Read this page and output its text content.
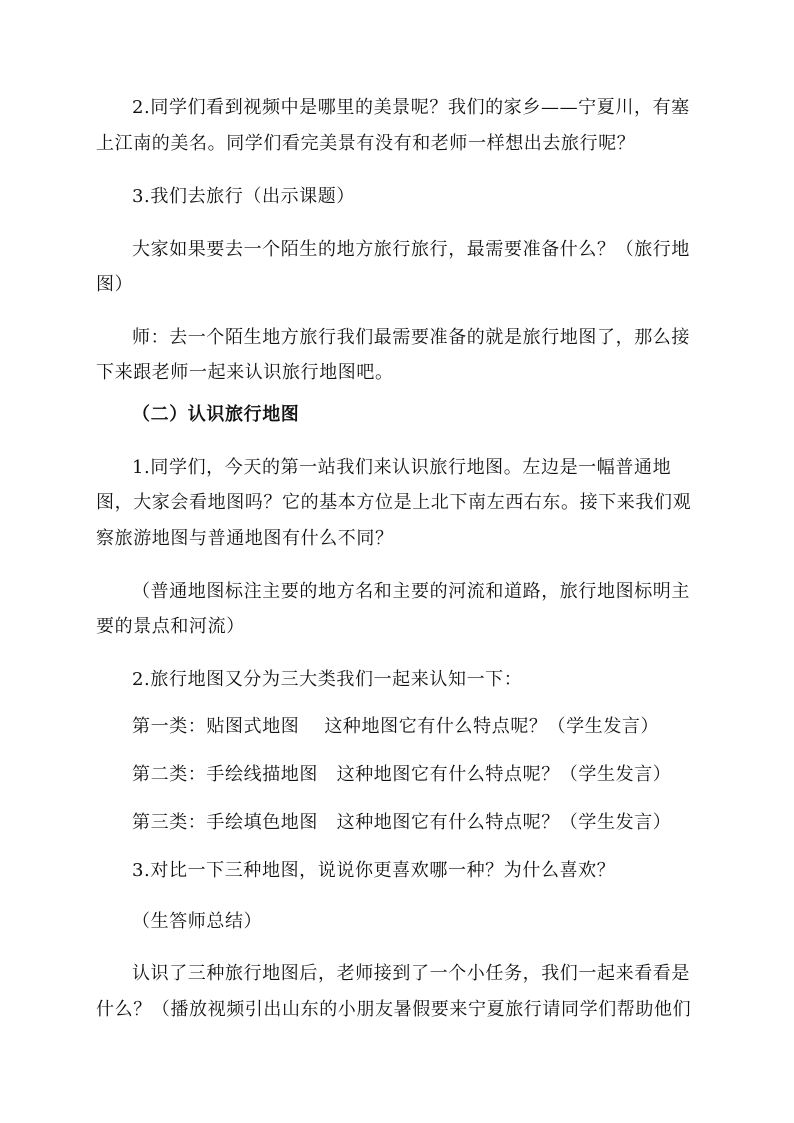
2.同学们看到视频中是哪里的美景呢？我们的家乡——宁夏川，有塞
上江南的美名。同学们看完美景有没有和老师一样想出去旅行呢？
3.我们去旅行（出示课题）
大家如果要去一个陌生的地方旅行旅行，最需要准备什么？（旅行地
图）
师：去一个陌生地方旅行我们最需要准备的就是旅行地图了，那么接
下来跟老师一起来认识旅行地图吧。
（二）认识旅行地图
1.同学们，今天的第一站我们来认识旅行地图。左边是一幅普通地
图，大家会看地图吗？它的基本方位是上北下南左西右东。接下来我们观
察旅游地图与普通地图有什么不同？
（普通地图标注主要的地方名和主要的河流和道路，旅行地图标明主
要的景点和河流）
2.旅行地图又分为三大类我们一起来认知一下：
第一类：贴图式地图　 这种地图它有什么特点呢？（学生发言）
第二类：手绘线描地图　这种地图它有什么特点呢？（学生发言）
第三类：手绘填色地图　这种地图它有什么特点呢？（学生发言）
3.对比一下三种地图，说说你更喜欢哪一种？为什么喜欢？
（生答师总结）
认识了三种旅行地图后，老师接到了一个小任务，我们一起来看看是
什么？（播放视频引出山东的小朋友暑假要来宁夏旅行请同学们帮助他们
